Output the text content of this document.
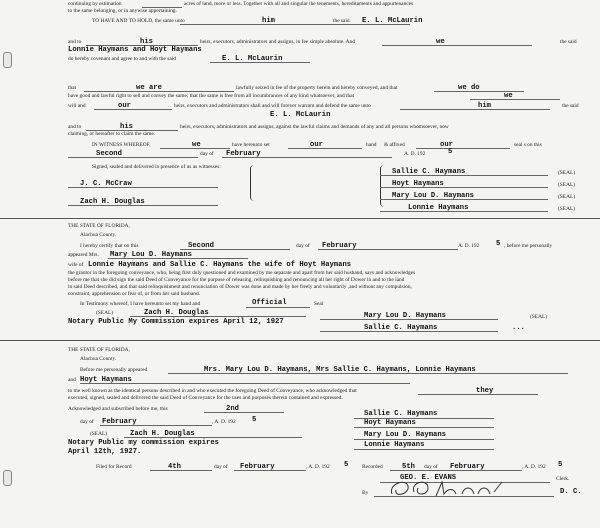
continuing by estimation	acres of land, more or less. Together with all and singular the tenements, hereditaments and appurtenances
to the same belonging, or in anywise appertaining.
TO HAVE AND TO HOLD, the same unto	him	the said E. L. McLaurin
and to	his	heirs, executors, administrators and assigns, in fee simple absolute. And	we	the said
Lonnie Haymans and Hoyt Haymans
do hereby covenant and agree to and with the said	E. L. McLaurin
that	we are	lawfully seized in fee of the property herein and hereby conveyed, and that	we do
have good and lawful right to sell and convey the same; that the same is free from all incumbrances of any kind whatsoever, and that	we
will and	our	heirs, executors and administrators shall and will forever warrant and defend the same unto	him	the said
E. L. McLaurin
and to	his	heirs, executors, administrators and assigns, against the lawful claims and demands of any and all persons whomsoever, now
claiming, or hereafter to claim the same.
IN WITNESS WHEREOF,	we	have hereunto set	our	hand & affixed	our	seal s on this
Second	day of February	A. D. 192	5
Signed, sealed and delivered in presence of us as witnesses:
J. C. McCraw
Zach H. Douglas
Sallie C. Haymans	(SEAL)
Hoyt Haymans	(SEAL)
Mary Lou D. Haymans	(SEAL)
Lonnie Haymans	(SEAL)
THE STATE OF FLORIDA,
Alachua County.
I hereby certify that on this	Second	day of February	A. D. 192 5 , before me personally
appeared Mrs. Mary Lou D. Haymans
wife of Lonnie Haymans and Sallie C. Haymans the wife of Hoyt Haymans
the grantor in the foregoing conveyance, who, being first duly questioned and examined by me separate and apart from her said husband, says and acknowledges
before me that she did sign the said Deed of Conveyance for the purpose of releasing, relinquishing and renouncing all her right of Dower in and to the land
in said Deed described, and that said relinquishment and renunciation of Dower was done and made by her freely and voluntarily ,and without any compulsion,
constraint, apprehension or fear of, or from her said husband.
In Testimony whereof, I have hereunto set my hand and	Official	Seal
(SEAL)	Zach H. Douglas
Notary Public My Commission expires April 12, 1927
Mary Lou D. Haymans	(SEAL)
Sallie C. Haymans	...
THE STATE OF FLORIDA,
Alachua County.
Before me personally appeared	Mrs. Mary Lou D. Haymans, Mrs Sallie C. Haymans, Lonnie Haymans
and Hoyt Haymans
to me well known as the identical persons described in and who executed the foregoing Deed of Conveyance, who acknowledged that	they
executed, signed, sealed and delivered the said Deed of Conveyance for the uses and purposes therein contained and expressed.
Acknowledged and subscribed before me, this	2nd
day of February	, A. D. 192 5
(SEAL)	Zach H. Douglas
Notary Public my commission expires
April 12th, 1927.
Sallie C. Haymans
Hoyt Haymans
Mary Lou D. Haymans
Lonnie Haymans
Filed for Record	4th	day of February	, A. D. 192 5	Recorded	5th day of February	, A. D. 192 5
GEO. E. EVANS	Clerk.
By	D. C.
